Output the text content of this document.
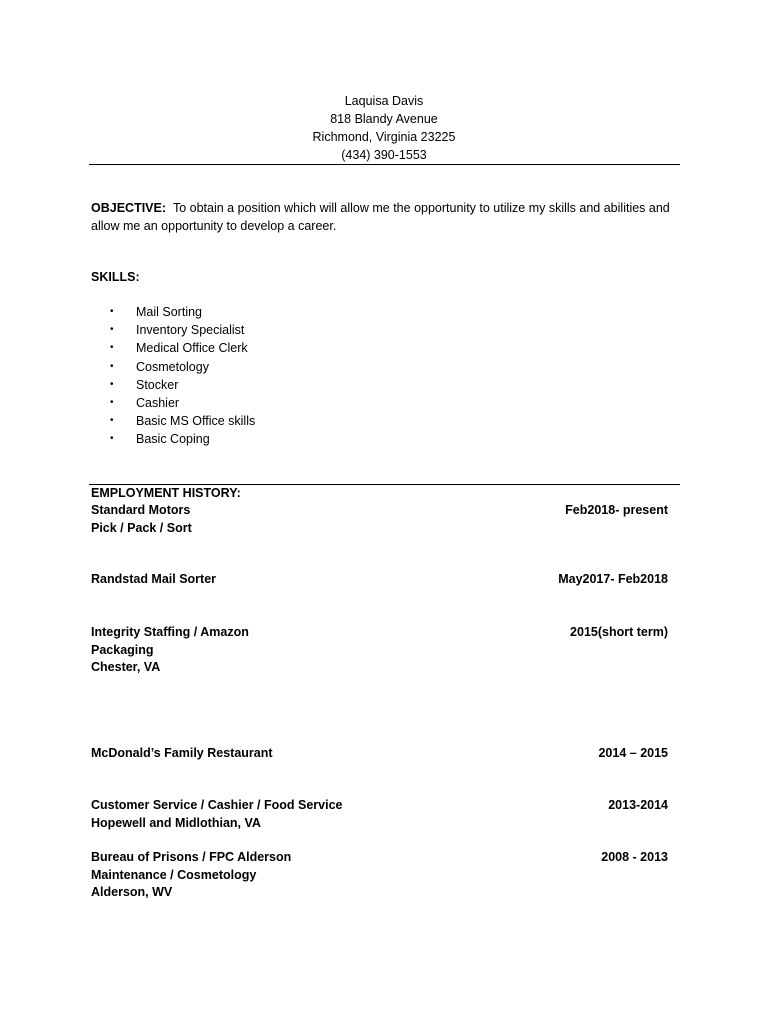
Laquisa Davis
818 Blandy Avenue
Richmond, Virginia 23225
(434) 390-1553
OBJECTIVE: To obtain a position which will allow me the opportunity to utilize my skills and abilities and
allow me an opportunity to develop a career.
SKILLS:
•	Mail Sorting
•	Inventory Specialist
•	Medical Office Clerk
•	Cosmetology
•	Stocker
•	Cashier
•	Basic MS Office skills
•	Basic Coping
EMPLOYMENT HISTORY:
Standard Motors	Feb2018- present
Pick / Pack / Sort
Randstad Mail Sorter	May2017- Feb2018
Integrity Staffing / Amazon	2015(short term)
Packaging
Chester, VA
McDonald’s Family Restaurant	2014 – 2015
Customer Service / Cashier / Food Service	2013-2014
Hopewell and Midlothian, VA
Bureau of Prisons / FPC Alderson	2008 - 2013
Maintenance / Cosmetology
Alderson, WV
